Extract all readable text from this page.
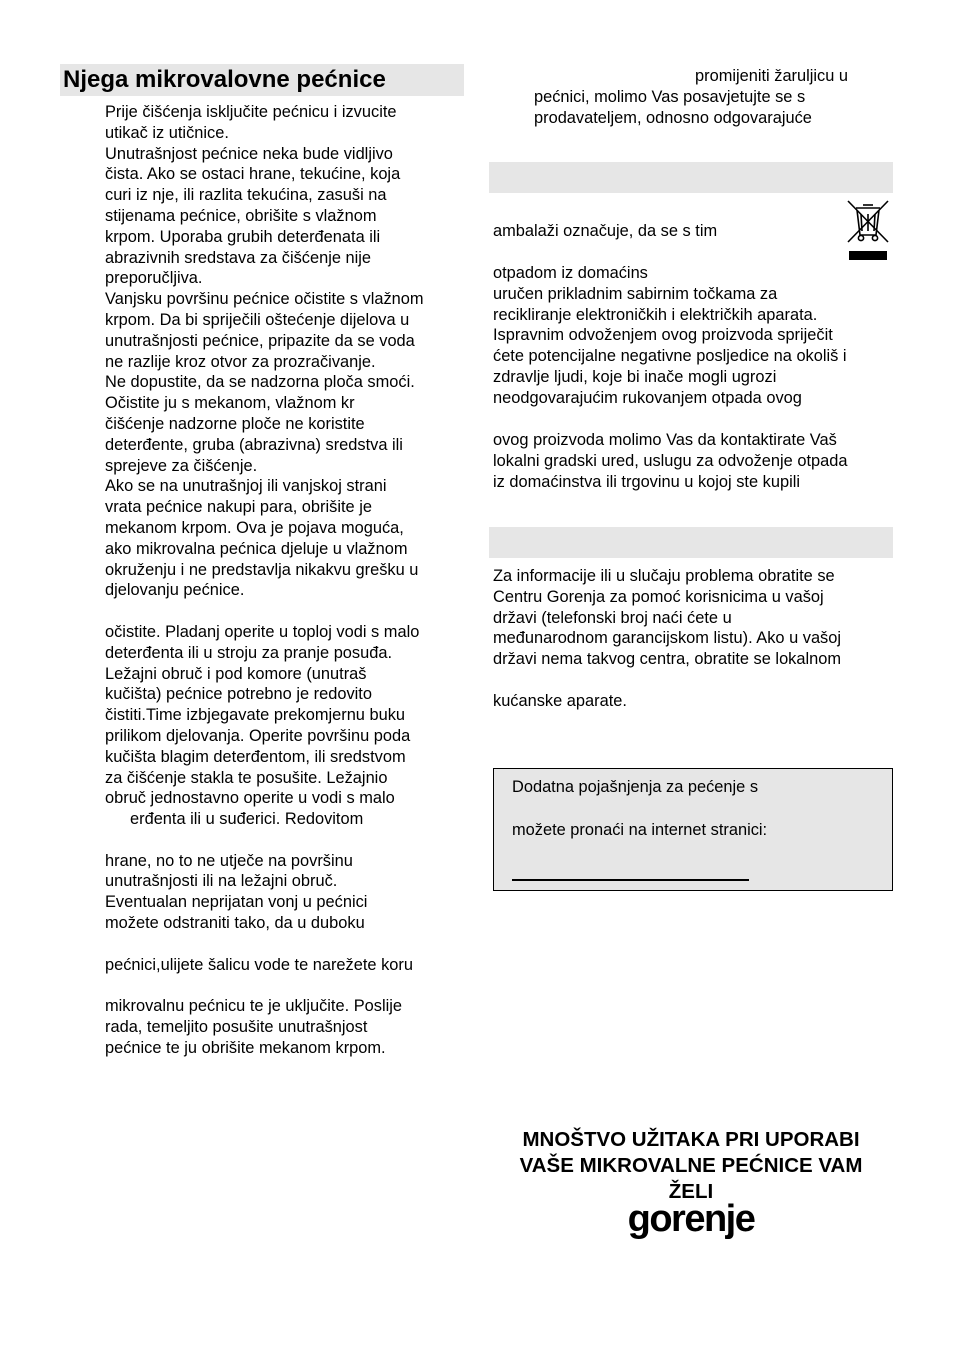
Njega mikrovalovne pećnice
Prije čišćenja isključite pećnicu i izvucite
utikač iz utičnice.
Unutrašnjost pećnice neka bude vidljivo
čista. Ako se ostaci hrane, tekućine, koja
curi iz nje, ili razlita tekućina, zasuši na
stijenama pećnice, obrišite s vlažnom
krpom. Uporaba grubih deterđenata ili
abrazivnih sredstava za čišćenje nije
preporučljiva.
Vanjsku površinu pećnice očistite s vlažnom
krpom. Da bi spriječili oštećenje dijelova u
unutrašnjosti pećnice, pripazite da se voda
ne razlije kroz otvor za prozračivanje.
Ne dopustite, da se nadzorna ploča smoći.
Očistite ju s mekanom, vlažnom kr
čišćenje nadzorne ploče ne koristite
deterđente, gruba (abrazivna) sredstva ili
spreјeve za čišćenje.
Ako se na unutrašnjoj ili vanjskoj strani
vrata pećnice nakupi para, obrišite je
mekanom krpom. Ova je pojava moguća,
ako mikrovalna pećnica djeluje u vlažnom
okruženju i ne predstavlja nikakvu grešku u
djelovanju pećnice.
očistite. Pladanj operite u toploj vodi s malo
deterđenta ili u stroju za pranje posuđa.
Ležajni obruč i pod komore (unutraš
kučišta) pećnice potrebno je redovito
čistiti.Time izbjegavate prekomjernu buku
prilikom djelovanja. Operite površinu poda
kučišta blagim deterđentom, ili sredstvom
za čišćenje stakla te posušite. Ležajnio
obruč jednostavno operite u vodi s malo
erđenta ili u suđerici. Redovitom
hrane, no to ne utječe na površinu
unutrašnjosti ili na ležajni obruč.
Eventualan neprijatan vonj u pećnici
možete odstraniti tako, da u duboku
pećnici,ulijete šalicu vode te narežete koru
mikrovalnu pećnicu te je uključite. Poslije
rada, temeljito posušite unutrašnjost
pećnice te ju obrišite mekanom krpom.
promijeniti žaruljicu u
pećnici, molimo Vas posavjetujte se s
prodavateljem, odnosno odgovarajuće
ambalaži označuje, da se s tim
otpadom iz domaćins
uručen prikladnim sabirnim točkama za
recikliranje elektroničkih i električkih aparata.
Ispravnim odvoženjem ovog proizvoda spriječit
ćete potencijalne negativne posljedice na okoliš i
zdravlje ljudi, koje bi inače mogli ugrozi
neodgovarajućim rukovanjem otpada ovog
ovog proizvoda molimo Vas da kontaktirate Vaš
lokalni gradski ured, uslugu za odvoženje otpada
iz domaćinstva ili trgovinu u kojoj ste kupili
Za informacije ili u slučaju problema obratite se
Centru Gorenja za pomoć korisnicima u vašoj
državi (telefonski broj naći ćete u
međunarodnom garancijskom listu). Ako u vašoj
državi nema takvog centra, obratite se lokalnom
kućanske aparate.
Dodatna pojašnjenja za pećenje s
možete pronaći na internet stranici:
MNOŠTVO UŽITAKA PRI UPORABI
VAŠE MIKROVALNE PEĆNICE VAM
ŽELI
gorenje
